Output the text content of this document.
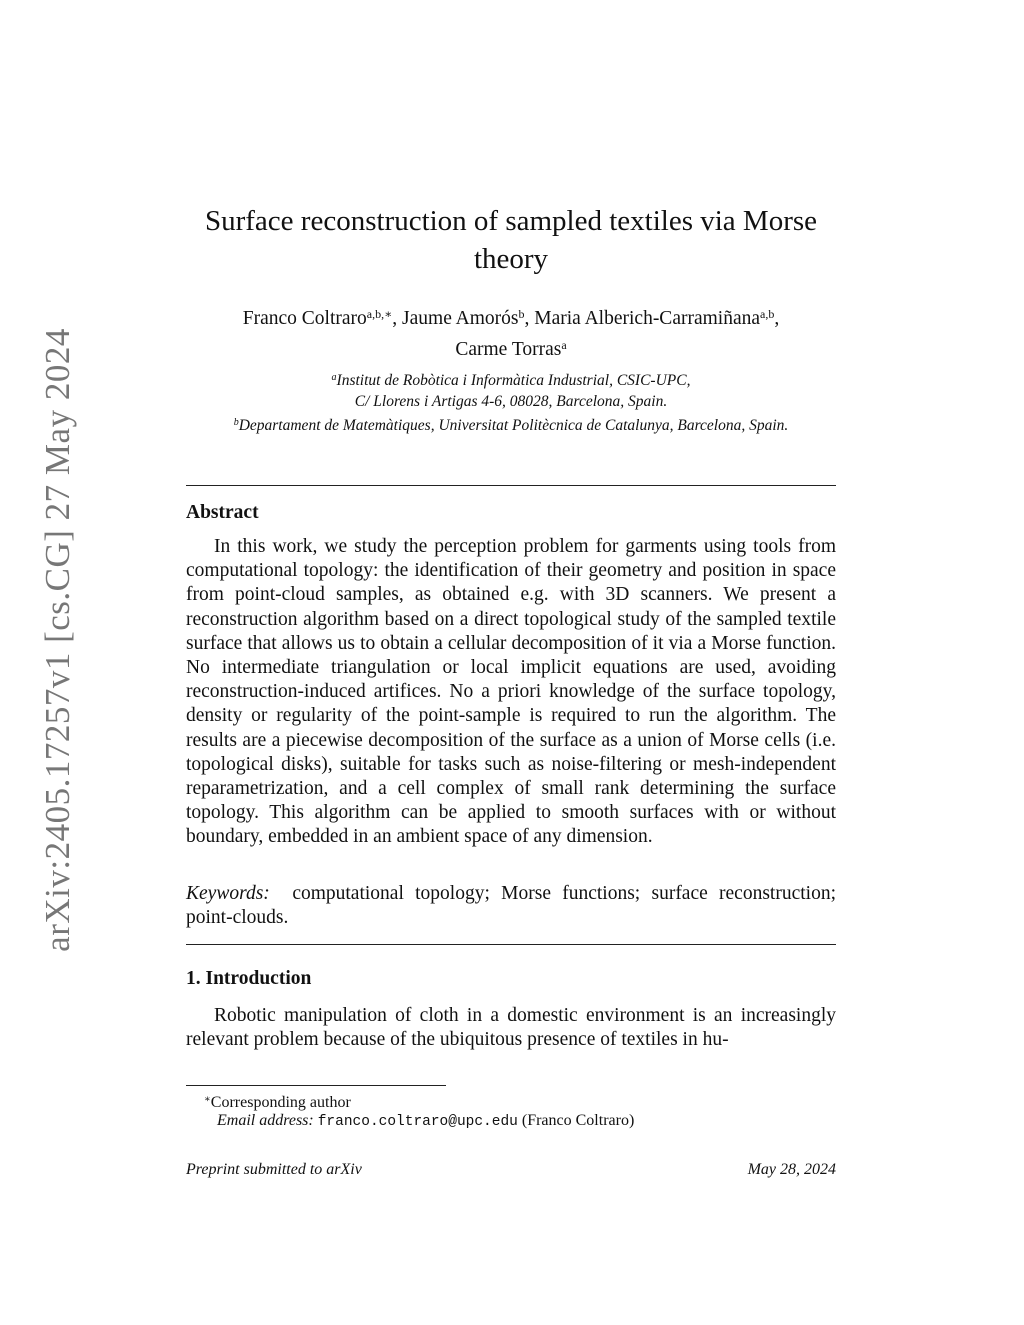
arXiv:2405.17257v1 [cs.CG] 27 May 2024
Surface reconstruction of sampled textiles via Morse
theory
Franco Coltraro$^{a,b,∗}$, Jaume Amorós$^b$, Maria Alberich-Carramiñana$^{a,b}$,
Carme Torras$^a$
$^a$Institut de Robòtica i Informàtica Industrial, CSIC-UPC,
C/ Llorens i Artigas 4-6, 08028, Barcelona, Spain.
$^b$Departament de Matemàtiques, Universitat Politècnica de Catalunya, Barcelona, Spain.
Abstract

In this work, we study the perception problem for garments using tools from computational topology: the identification of their geometry and position in space from point-cloud samples, as obtained e.g. with 3D scanners. We present a reconstruction algorithm based on a direct topological study of the sampled textile surface that allows us to obtain a cellular decomposition of it via a Morse function. No intermediate triangulation or local implicit equations are used, avoiding reconstruction-induced artifices. No a priori knowledge of the surface topology, density or regularity of the point-sample is required to run the algorithm. The results are a piecewise decomposition of the surface as a union of Morse cells (i.e. topological disks), suitable for tasks such as noise-filtering or mesh-independent reparametrization, and a cell complex of small rank determining the surface topology. This algorithm can be applied to smooth surfaces with or without boundary, embedded in an ambient space of any dimension.

Keywords: computational topology; Morse functions; surface reconstruction; point-clouds.

1. Introduction

Robotic manipulation of cloth in a domestic environment is an increasingly relevant problem because of the ubiquitous presence of textiles in hu-

∗Corresponding author
Email address: franco.coltraro@upc.edu (Franco Coltraro)
Preprint submitted to arXiv	May 28, 2024
